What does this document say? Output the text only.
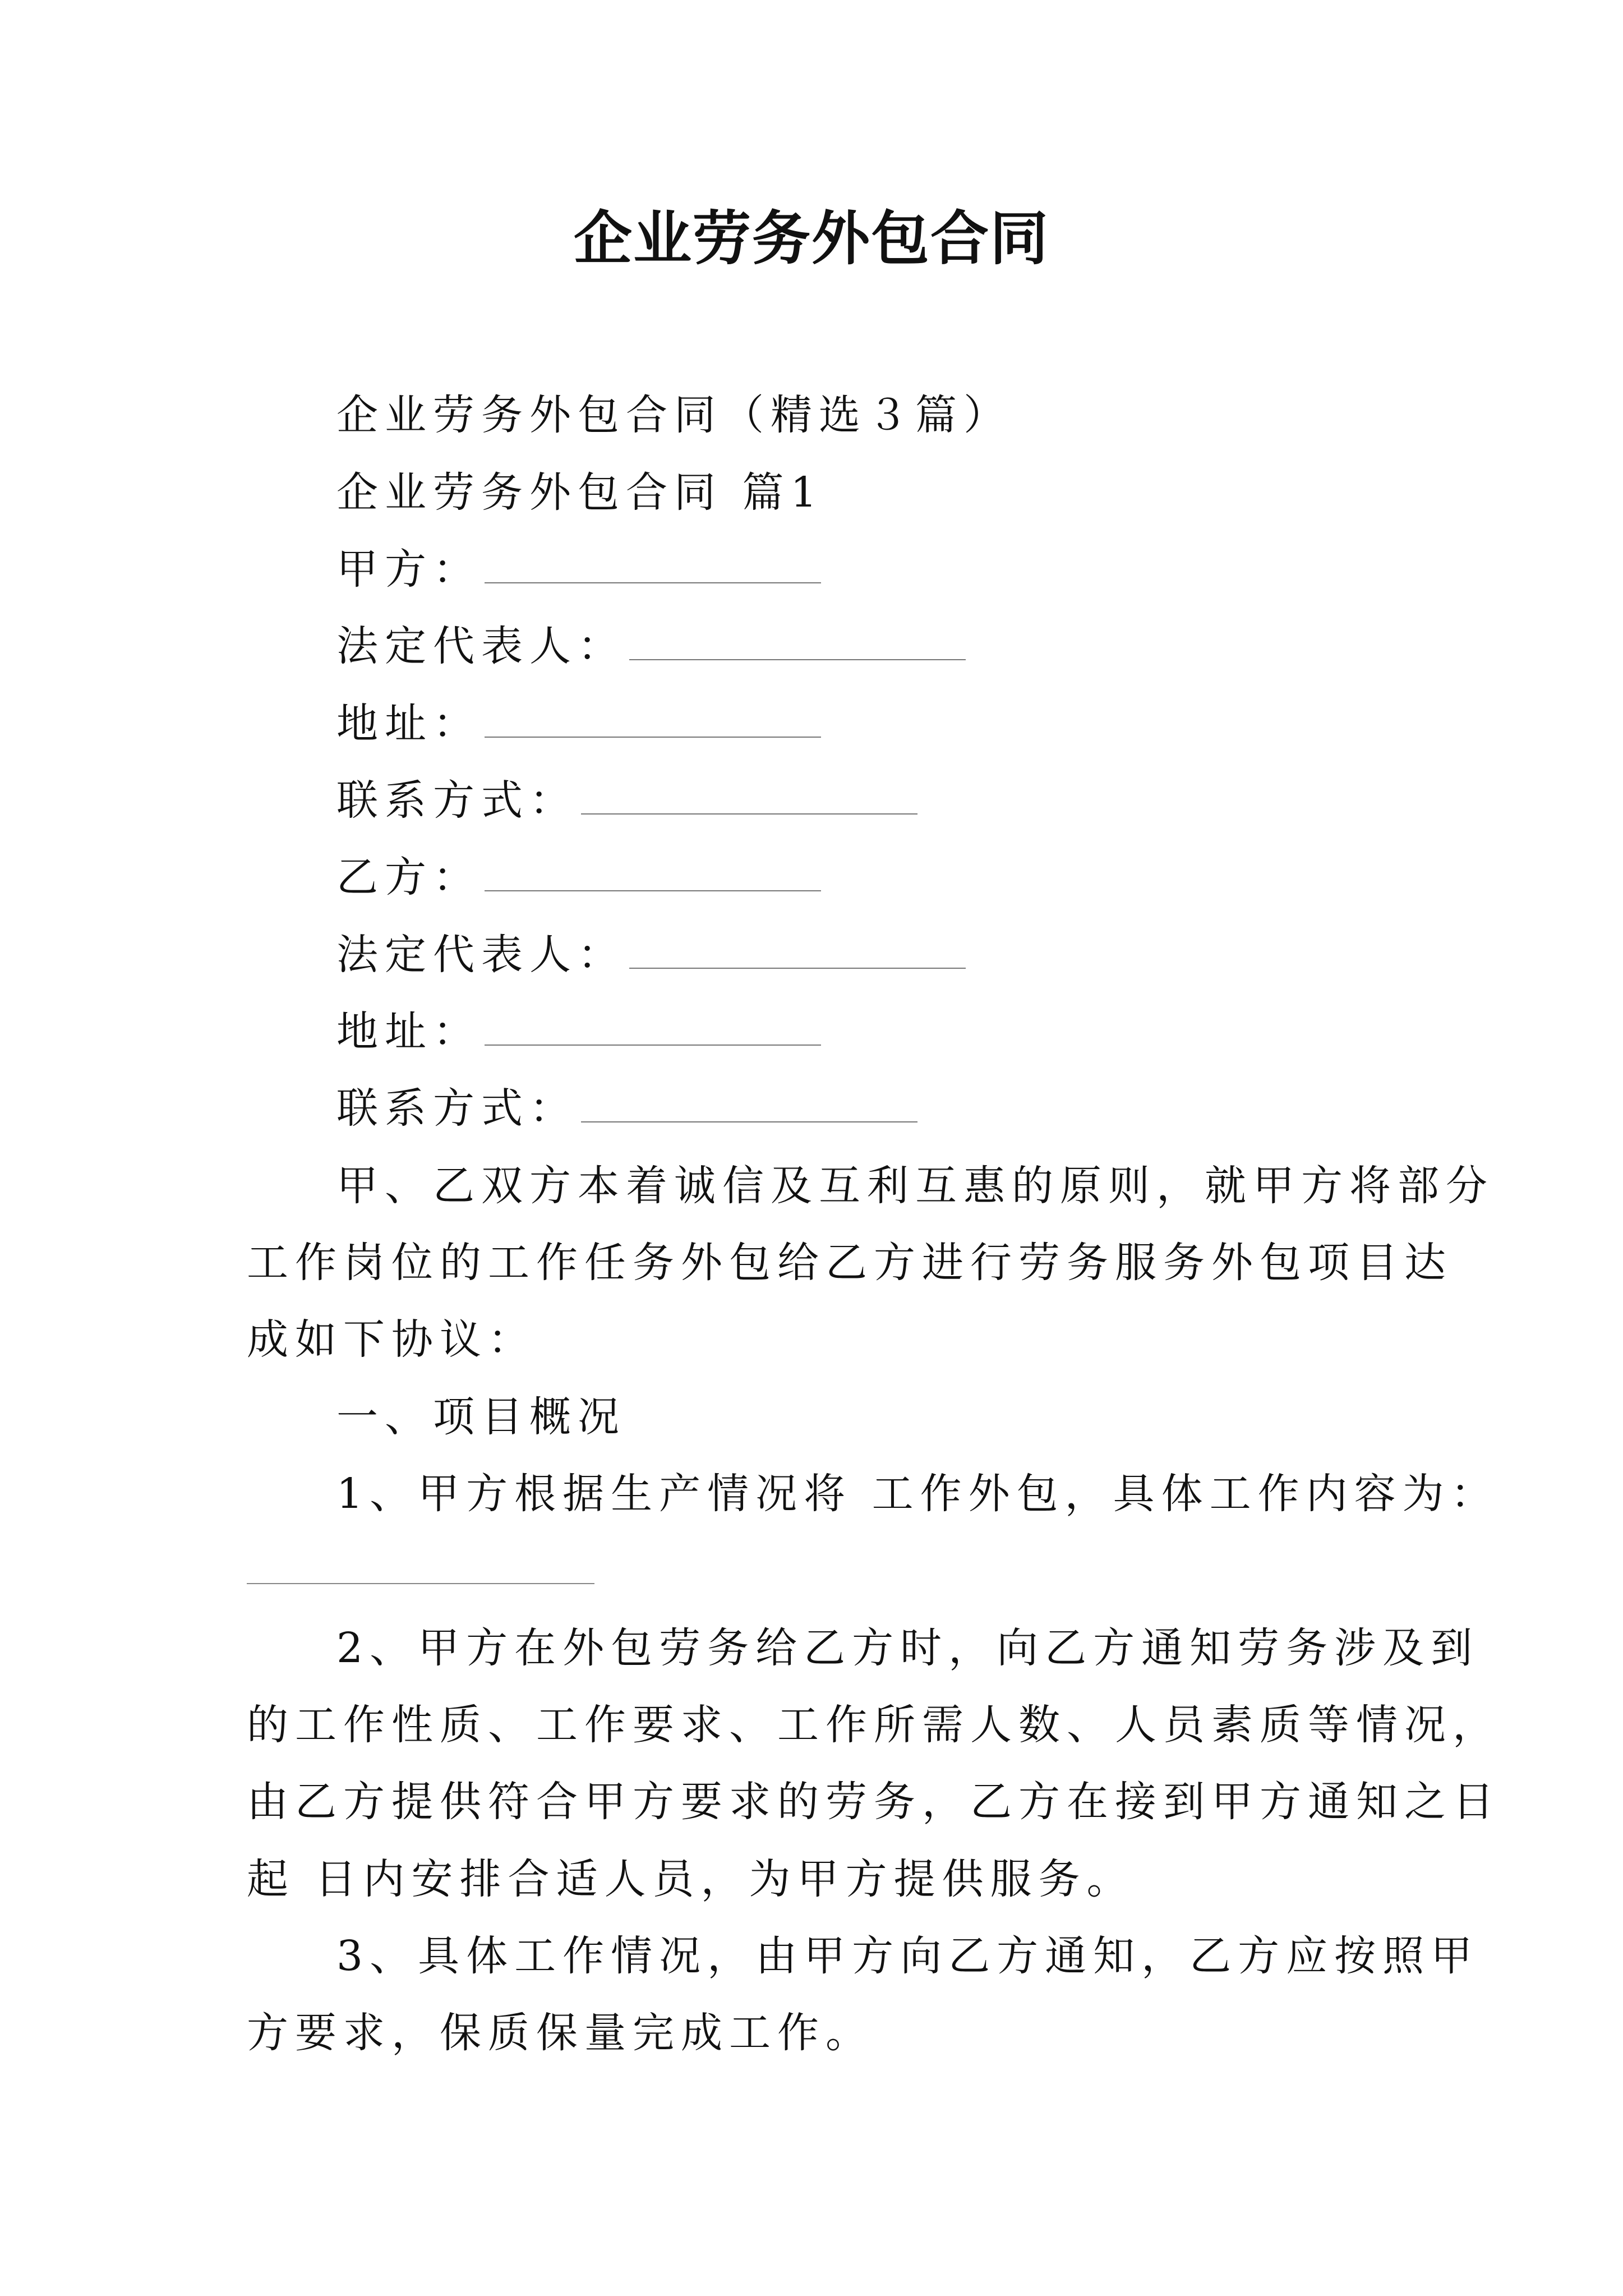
企业劳务外包合同
企业劳务外包合同（精选３篇）
企业劳务外包合同 篇1
甲方：
法定代表人：
地址：
联系方式：
乙方：
法定代表人：
地址：
联系方式：
甲、乙双方本着诚信及互利互惠的原则，就甲方将部分
工作岗位的工作任务外包给乙方进行劳务服务外包项目达
成如下协议：
一、项目概况
1、甲方根据生产情况将 工作外包，具体工作内容为：
2、甲方在外包劳务给乙方时，向乙方通知劳务涉及到
的工作性质、工作要求、工作所需人数、人员素质等情况，
由乙方提供符合甲方要求的劳务，乙方在接到甲方通知之日
起 日内安排合适人员，为甲方提供服务。
3、具体工作情况，由甲方向乙方通知，乙方应按照甲
方要求，保质保量完成工作。
